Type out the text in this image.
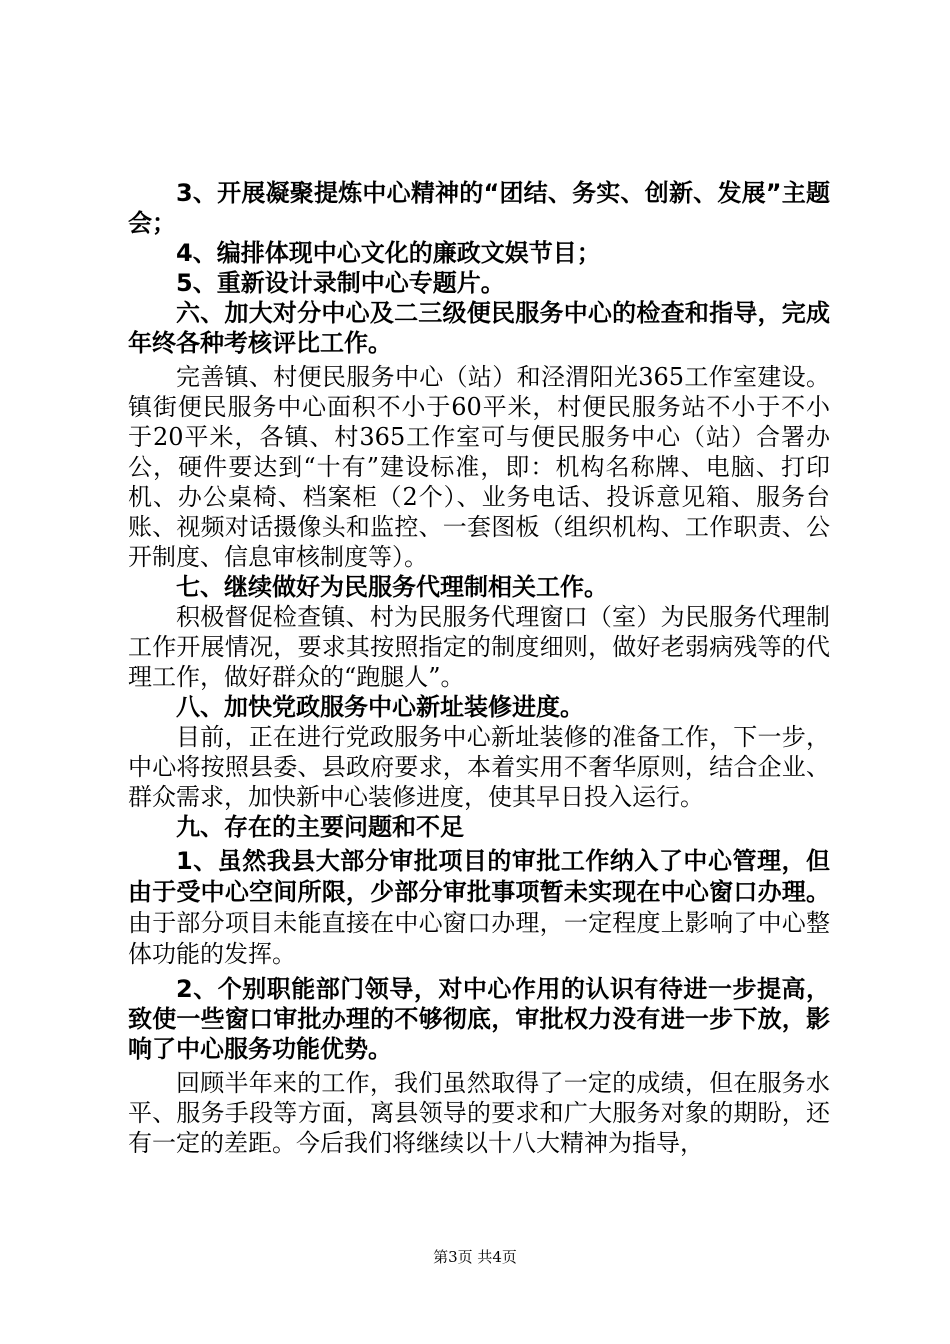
3、开展凝聚提炼中心精神的“团结、务实、创新、发展”主题会；

4、编排体现中心文化的廉政文娱节目；

5、重新设计录制中心专题片。

六、加大对分中心及二三级便民服务中心的检查和指导，完成年终各种考核评比工作。

完善镇、村便民服务中心（站）和泾渭阳光365工作室建设。镇街便民服务中心面积不小于60平米，村便民服务站不小于不小于20平米，各镇、村365工作室可与便民服务中心（站）合署办公，硬件要达到“十有”建设标准，即：机构名称牌、电脑、打印机、办公桌椅、档案柜（2个）、业务电话、投诉意见箱、服务台账、视频对话摄像头和监控、一套图板（组织机构、工作职责、公开制度、信息审核制度等）。

七、继续做好为民服务代理制相关工作。

积极督促检查镇、村为民服务代理窗口（室）为民服务代理制工作开展情况，要求其按照指定的制度细则，做好老弱病残等的代理工作，做好群众的“跑腿人”。

八、加快党政服务中心新址装修进度。

目前，正在进行党政服务中心新址装修的准备工作，下一步，中心将按照县委、县政府要求，本着实用不奢华原则，结合企业、群众需求，加快新中心装修进度，使其早日投入运行。

九、存在的主要问题和不足

1、虽然我县大部分审批项目的审批工作纳入了中心管理，但由于受中心空间所限，少部分审批事项暂未实现在中心窗口办理。由于部分项目未能直接在中心窗口办理，一定程度上影响了中心整体功能的发挥。

2、个别职能部门领导，对中心作用的认识有待进一步提高，致使一些窗口审批办理的不够彻底，审批权力没有进一步下放，影响了中心服务功能优势。

回顾半年来的工作，我们虽然取得了一定的成绩，但在服务水平、服务手段等方面，离县领导的要求和广大服务对象的期盼，还有一定的差距。今后我们将继续以十八大精神为指导，

第3页 共4页
